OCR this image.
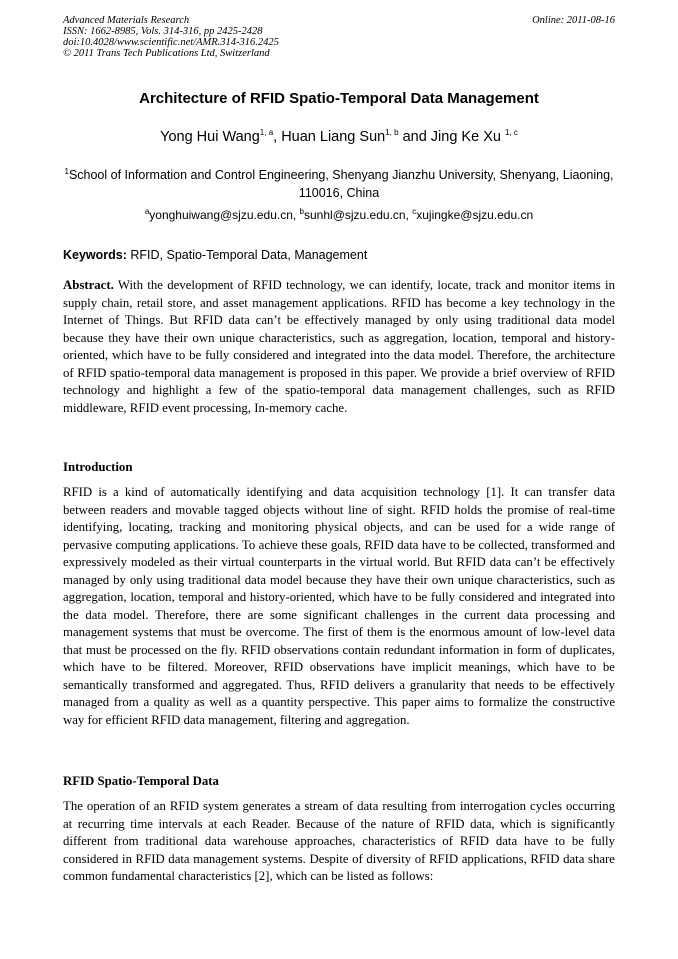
Advanced Materials Research
ISSN: 1662-8985, Vols. 314-316, pp 2425-2428
doi:10.4028/www.scientific.net/AMR.314-316.2425
© 2011 Trans Tech Publications Ltd, Switzerland
Online: 2011-08-16
Architecture of RFID Spatio-Temporal Data Management
Yong Hui Wang$^{1, a}$, Huan Liang Sun$^{1, b}$ and Jing Ke Xu $^{1, c}$
$^1$School of Information and Control Engineering, Shenyang Jianzhu University, Shenyang, Liaoning, 110016, China
$^a$yonghuiwang@sjzu.edu.cn, $^b$sunhl@sjzu.edu.cn, $^c$xujingke@sjzu.edu.cn
Keywords: RFID, Spatio-Temporal Data, Management
Abstract. With the development of RFID technology, we can identify, locate, track and monitor items in supply chain, retail store, and asset management applications. RFID has become a key technology in the Internet of Things. But RFID data can’t be effectively managed by only using traditional data model because they have their own unique characteristics, such as aggregation, location, temporal and history-oriented, which have to be fully considered and integrated into the data model. Therefore, the architecture of RFID spatio-temporal data management is proposed in this paper. We provide a brief overview of RFID technology and highlight a few of the spatio-temporal data management challenges, such as RFID middleware, RFID event processing, In-memory cache.
Introduction
RFID is a kind of automatically identifying and data acquisition technology [1]. It can transfer data between readers and movable tagged objects without line of sight. RFID holds the promise of real-time identifying, locating, tracking and monitoring physical objects, and can be used for a wide range of pervasive computing applications. To achieve these goals, RFID data have to be collected, transformed and expressively modeled as their virtual counterparts in the virtual world. But RFID data can’t be effectively managed by only using traditional data model because they have their own unique characteristics, such as aggregation, location, temporal and history-oriented, which have to be fully considered and integrated into the data model. Therefore, there are some significant challenges in the current data processing and management systems that must be overcome. The first of them is the enormous amount of low-level data that must be processed on the fly. RFID observations contain redundant information in form of duplicates, which have to be filtered. Moreover, RFID observations have implicit meanings, which have to be semantically transformed and aggregated. Thus, RFID delivers a granularity that needs to be effectively managed from a quality as well as a quantity perspective. This paper aims to formalize the constructive way for efficient RFID data management, filtering and aggregation.
RFID Spatio-Temporal Data
The operation of an RFID system generates a stream of data resulting from interrogation cycles occurring at recurring time intervals at each Reader. Because of the nature of RFID data, which is significantly different from traditional data warehouse approaches, characteristics of RFID data have to be fully considered in RFID data management systems. Despite of diversity of RFID applications, RFID data share common fundamental characteristics [2], which can be listed as follows:
